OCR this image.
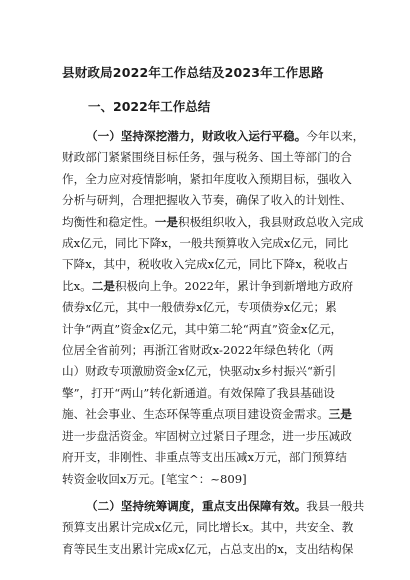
县财政局2022年工作总结及2023年工作思路
一、2022年工作总结
（一）坚持深挖潜力，财政收入运行平稳。今年以来，
财政部门紧紧围绕目标任务，强与税务、国土等部门的合
作，全力应对疫情影响，紧扣年度收入预期目标，强收入
分析与研判，合理把握收入节奏，确保了收入的计划性、
均衡性和稳定性。一是积极组织收入，我县财政总收入完成
成x亿元，同比下降x，一般共预算收入完成x亿元，同比
下降x，其中，税收收入完成x亿元，同比下降x，税收占
比x。二是积极向上争。2022年，累计争到新增地方政府
债券x亿元，其中一般债券x亿元，专项债券x亿元；累
计争“两直”资金x亿元，其中第二轮“两直”资金x亿元，
位居全省前列；再浙江省财政x-2022年绿色转化（两
山）财政专项激励资金x亿元，快驱动x乡村振兴“新引
擎”，打开“两山”转化新通道。有效保障了我县基础设
施、社会事业、生态环保等重点项目建设资金需求。三是
进一步盘活资金。牢固树立过紧日子理念，进一步压减政
府开支，非刚性、非重点等支出压减x万元，部门预算结
转资金收回x万元。[笔宝^：~809]
（二）坚持统筹调度，重点支出保障有效。我县一般共
预算支出累计完成x亿元，同比增长x。其中，共安全、教
育等民生支出累计完成x亿元，占总支出的x，支出结构保
